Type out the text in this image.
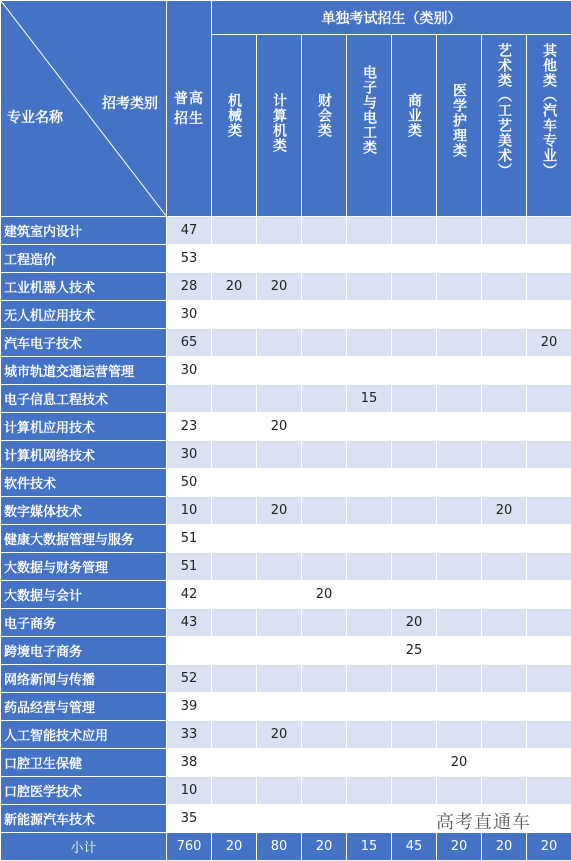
招考类别
专业名称	普高招生	单独考试招生（类别）							

		机械类	计算机类	财会类	电子与电工类	商业类	医学护理类	艺术类（工艺美术）	其他类（汽车专业）

建筑室内设计	47								
工程造价	53								
工业机器人技术	28	20	20						
无人机应用技术	30								
汽车电子技术	65								20
城市轨道交通运营管理	30								
电子信息工程技术					15				
计算机应用技术	23		20						
计算机网络技术	30								
软件技术	50								
数字媒体技术	10		20					20	
健康大数据管理与服务	51								
大数据与财务管理	51								
大数据与会计	42			20					
电子商务	43					20			
跨境电子商务						25			
网络新闻与传播	52								
药品经营与管理	39								
人工智能技术应用	33		20						
口腔卫生保健	38						20		
口腔医学技术	10								
新能源汽车技术	35								
小计	760	20	80	20	15	45	20	20	20
高考直通车
